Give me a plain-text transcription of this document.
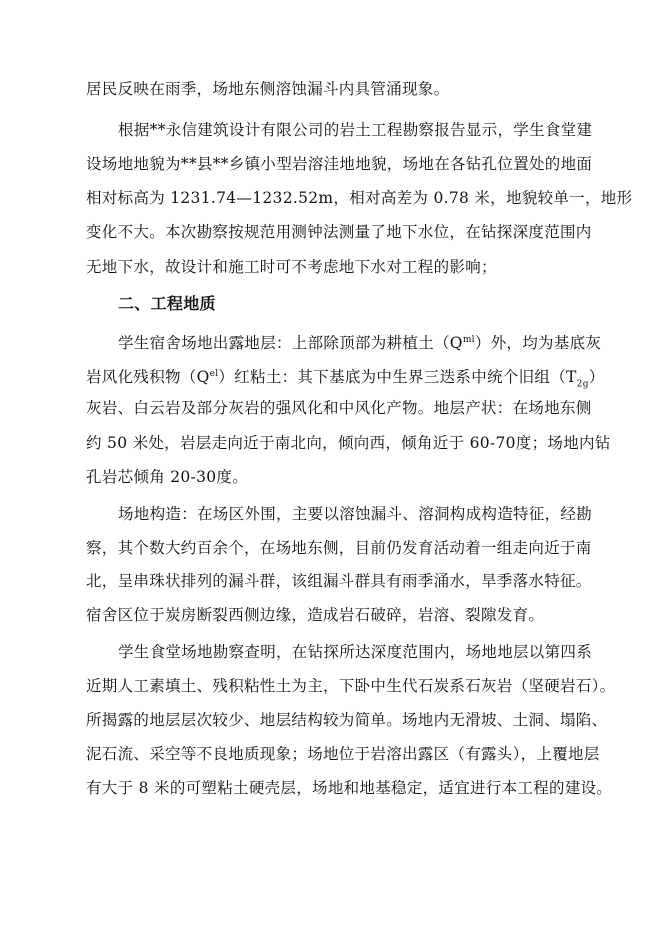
居民反映在雨季，场地东侧溶蚀漏斗内具管涌现象。
根据**永信建筑设计有限公司的岩土工程勘察报告显示，学生食堂建
设场地地貌为**县**乡镇小型岩溶洼地地貌，场地在各钻孔位置处的地面
相对标高为 1231.74—1232.52m，相对高差为 0.78 米，地貌较单一，地形
变化不大。本次勘察按规范用测钟法测量了地下水位，在钻探深度范围内
无地下水，故设计和施工时可不考虑地下水对工程的影响；
二、工程地质
学生宿舍场地出露地层：上部除顶部为耕植土$(Q^{ml})$外，均为基底灰
岩风化残积物$(Q^{el})$红粘土：其下基底为中生界三迭系中统个旧组$(T_{2g})$
灰岩、白云岩及部分灰岩的强风化和中风化产物。地层产状：在场地东侧
约 50 米处，岩层走向近于南北向，倾向西，倾角近于 60-70度；场地内钻
孔岩芯倾角 20-30度。
场地构造：在场区外围，主要以溶蚀漏斗、溶洞构成构造特征，经勘
察，其个数大约百余个，在场地东侧，目前仍发育活动着一组走向近于南
北，呈串珠状排列的漏斗群，该组漏斗群具有雨季涌水，旱季落水特征。
宿舍区位于炭房断裂西侧边缘，造成岩石破碎，岩溶、裂隙发育。
学生食堂场地勘察查明，在钻探所达深度范围内，场地地层以第四系
近期人工素填土、残积粘性土为主，下卧中生代石炭系石灰岩（坚硬岩石）。
所揭露的地层层次较少、地层结构较为简单。场地内无滑坡、土洞、塌陷、
泥石流、采空等不良地质现象；场地位于岩溶出露区（有露头），上覆地层
有大于 8 米的可塑粘土硬壳层，场地和地基稳定，适宜进行本工程的建设。
